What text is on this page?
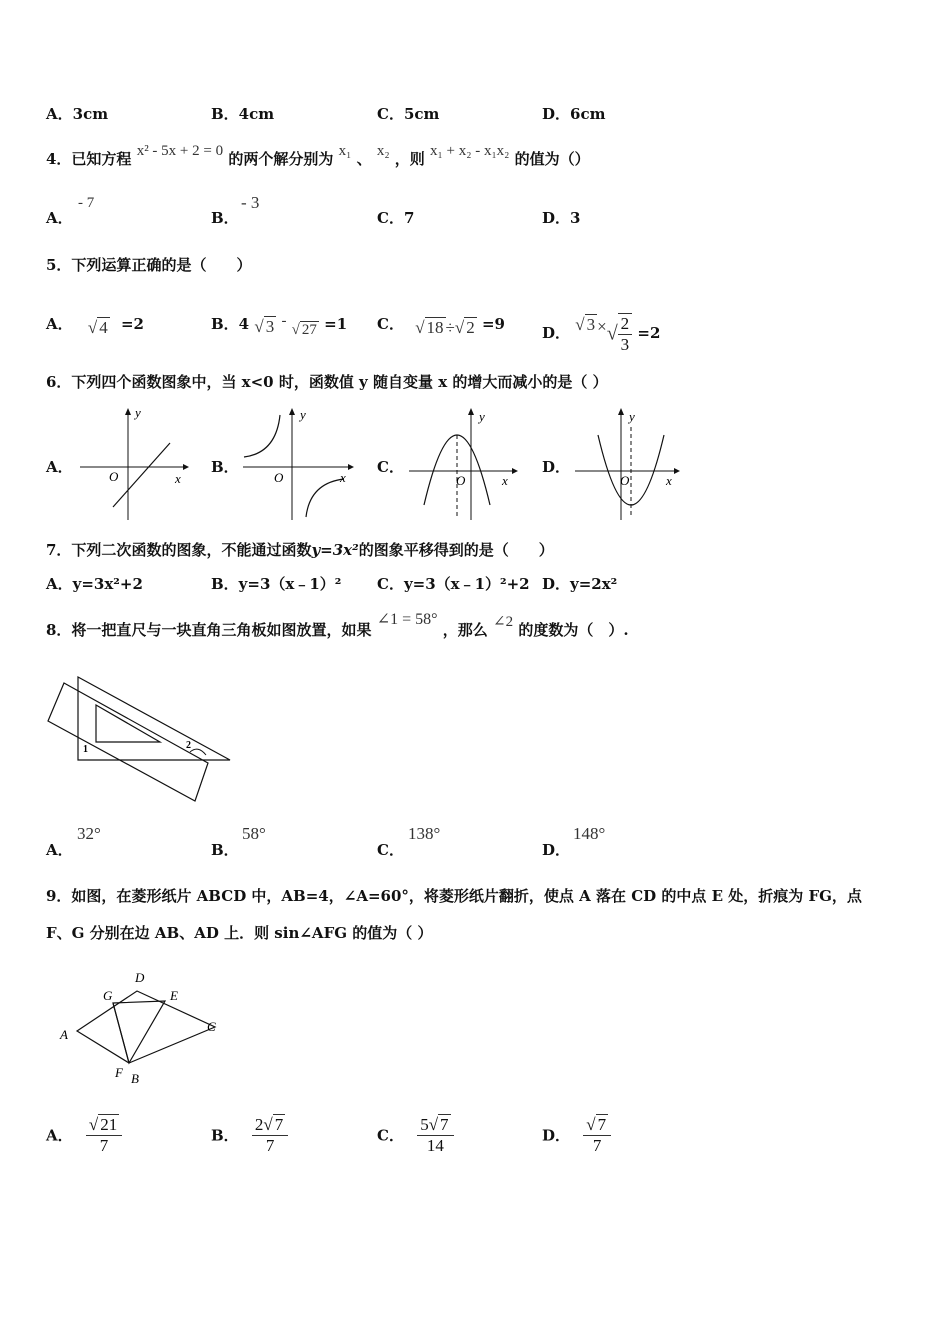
A．3cm	B．4cm	C．5cm	D．6cm
4．已知方程 x² - 5x + 2 = 0 的两个解分别为 x₁ 、 x₂ ，则 x₁ + x₂ - x₁x₂ 的值为（）
A．
- 7
B．
- 3
C．7	D．3
5．下列运算正确的是（　　）
A． √ 4 =2	B．4 √ 3 - √ 27 =1 C． √ 18 ÷√ 2 =9 D． √ 3 ×√ $\frac{2}{3} =2$
6．下列四个函数图象中，当 x<0 时，函数值 y 随自变量 x 的增大而减小的是（ ）
A．	B．	C．	D．
y
x
O
y
x
O
y
x
O
y
x
O
7．下列二次函数的图象，不能通过函数y=3x²的图象平移得到的是（　　）
A．y=3x²+2	B．y=3（x﹣1）² C．y=3（x﹣1）²+2 D．y=2x²
8．将一把直尺与一块直角三角板如图放置，如果 ∠1 = 58° ，那么 ∠2 的度数为（　）.
1	2
A．
32°
B．
58°
C．
138°
D．
148°
9．如图，在菱形纸片 ABCD 中，AB=4，∠A=60°，将菱形纸片翻折，使点 A 落在 CD 的中点 E 处，折痕为 FG，点
F、G 分别在边 AB、AD 上．则 sin∠AFG 的值为（ ）
A
D
G	E
C
F B
A． $\frac{√ 21}{7}$	B． $\frac{2√ 7}{7}$	C． $\frac{5√ 7}{14}$	D． $\frac{√ 7}{7}$
